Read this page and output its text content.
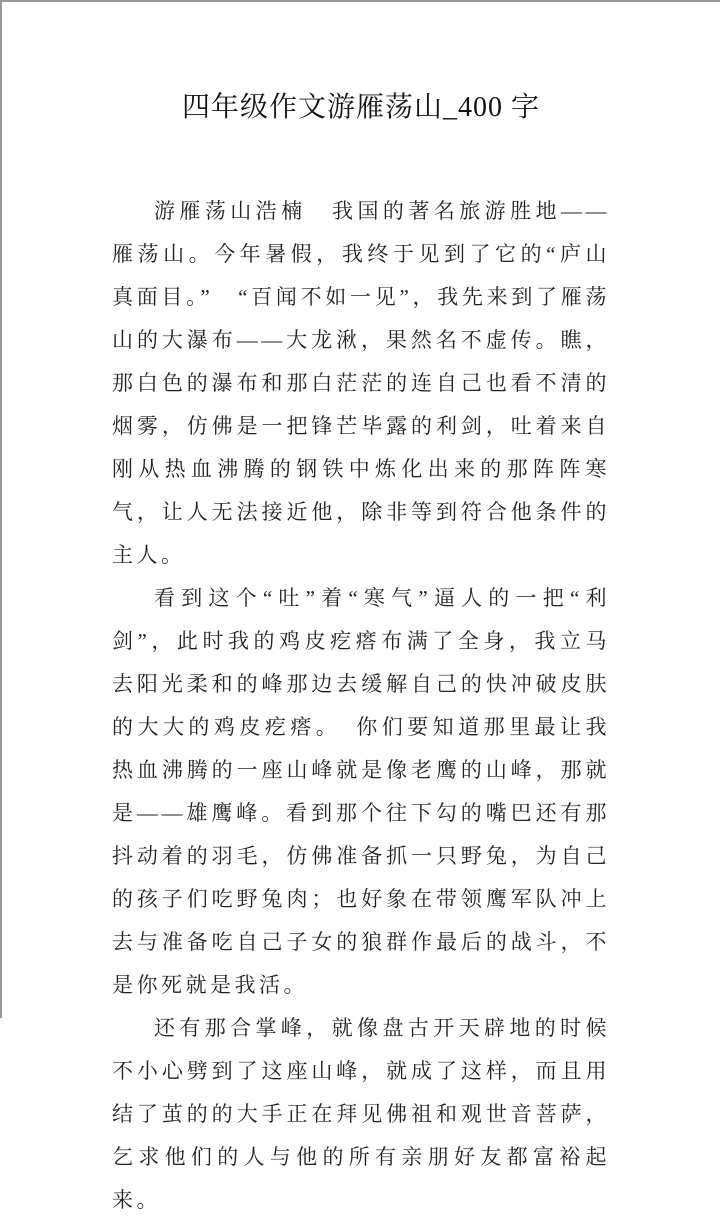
四年级作文游雁荡山_400 字

游雁荡山浩楠　我国的著名旅游胜地——雁荡山。今年暑假，我终于见到了它的“庐山真面目。”　“百闻不如一见”，我先来到了雁荡山的大瀑布——大龙湫，果然名不虚传。瞧，那白色的瀑布和那白茫茫的连自己也看不清的烟雾，仿佛是一把锋芒毕露的利剑，吐着来自刚从热血沸腾的钢铁中炼化出来的那阵阵寒气，让人无法接近他，除非等到符合他条件的主人。

看到这个“吐”着“寒气”逼人的一把“利剑”，此时我的鸡皮疙瘩布满了全身，我立马去阳光柔和的峰那边去缓解自己的快冲破皮肤的大大的鸡皮疙瘩。　你们要知道那里最让我热血沸腾的一座山峰就是像老鹰的山峰，那就是——雄鹰峰。看到那个往下勾的嘴巴还有那抖动着的羽毛，仿佛准备抓一只野兔，为自己的孩子们吃野兔肉；也好象在带领鹰军队冲上去与准备吃自己子女的狼群作最后的战斗，不是你死就是我活。

还有那合掌峰，就像盘古开天辟地的时候不小心劈到了这座山峰，就成了这样，而且用结了茧的的大手正在拜见佛祖和观世音菩萨，乞求他们的人与他的所有亲朋好友都富裕起来。
